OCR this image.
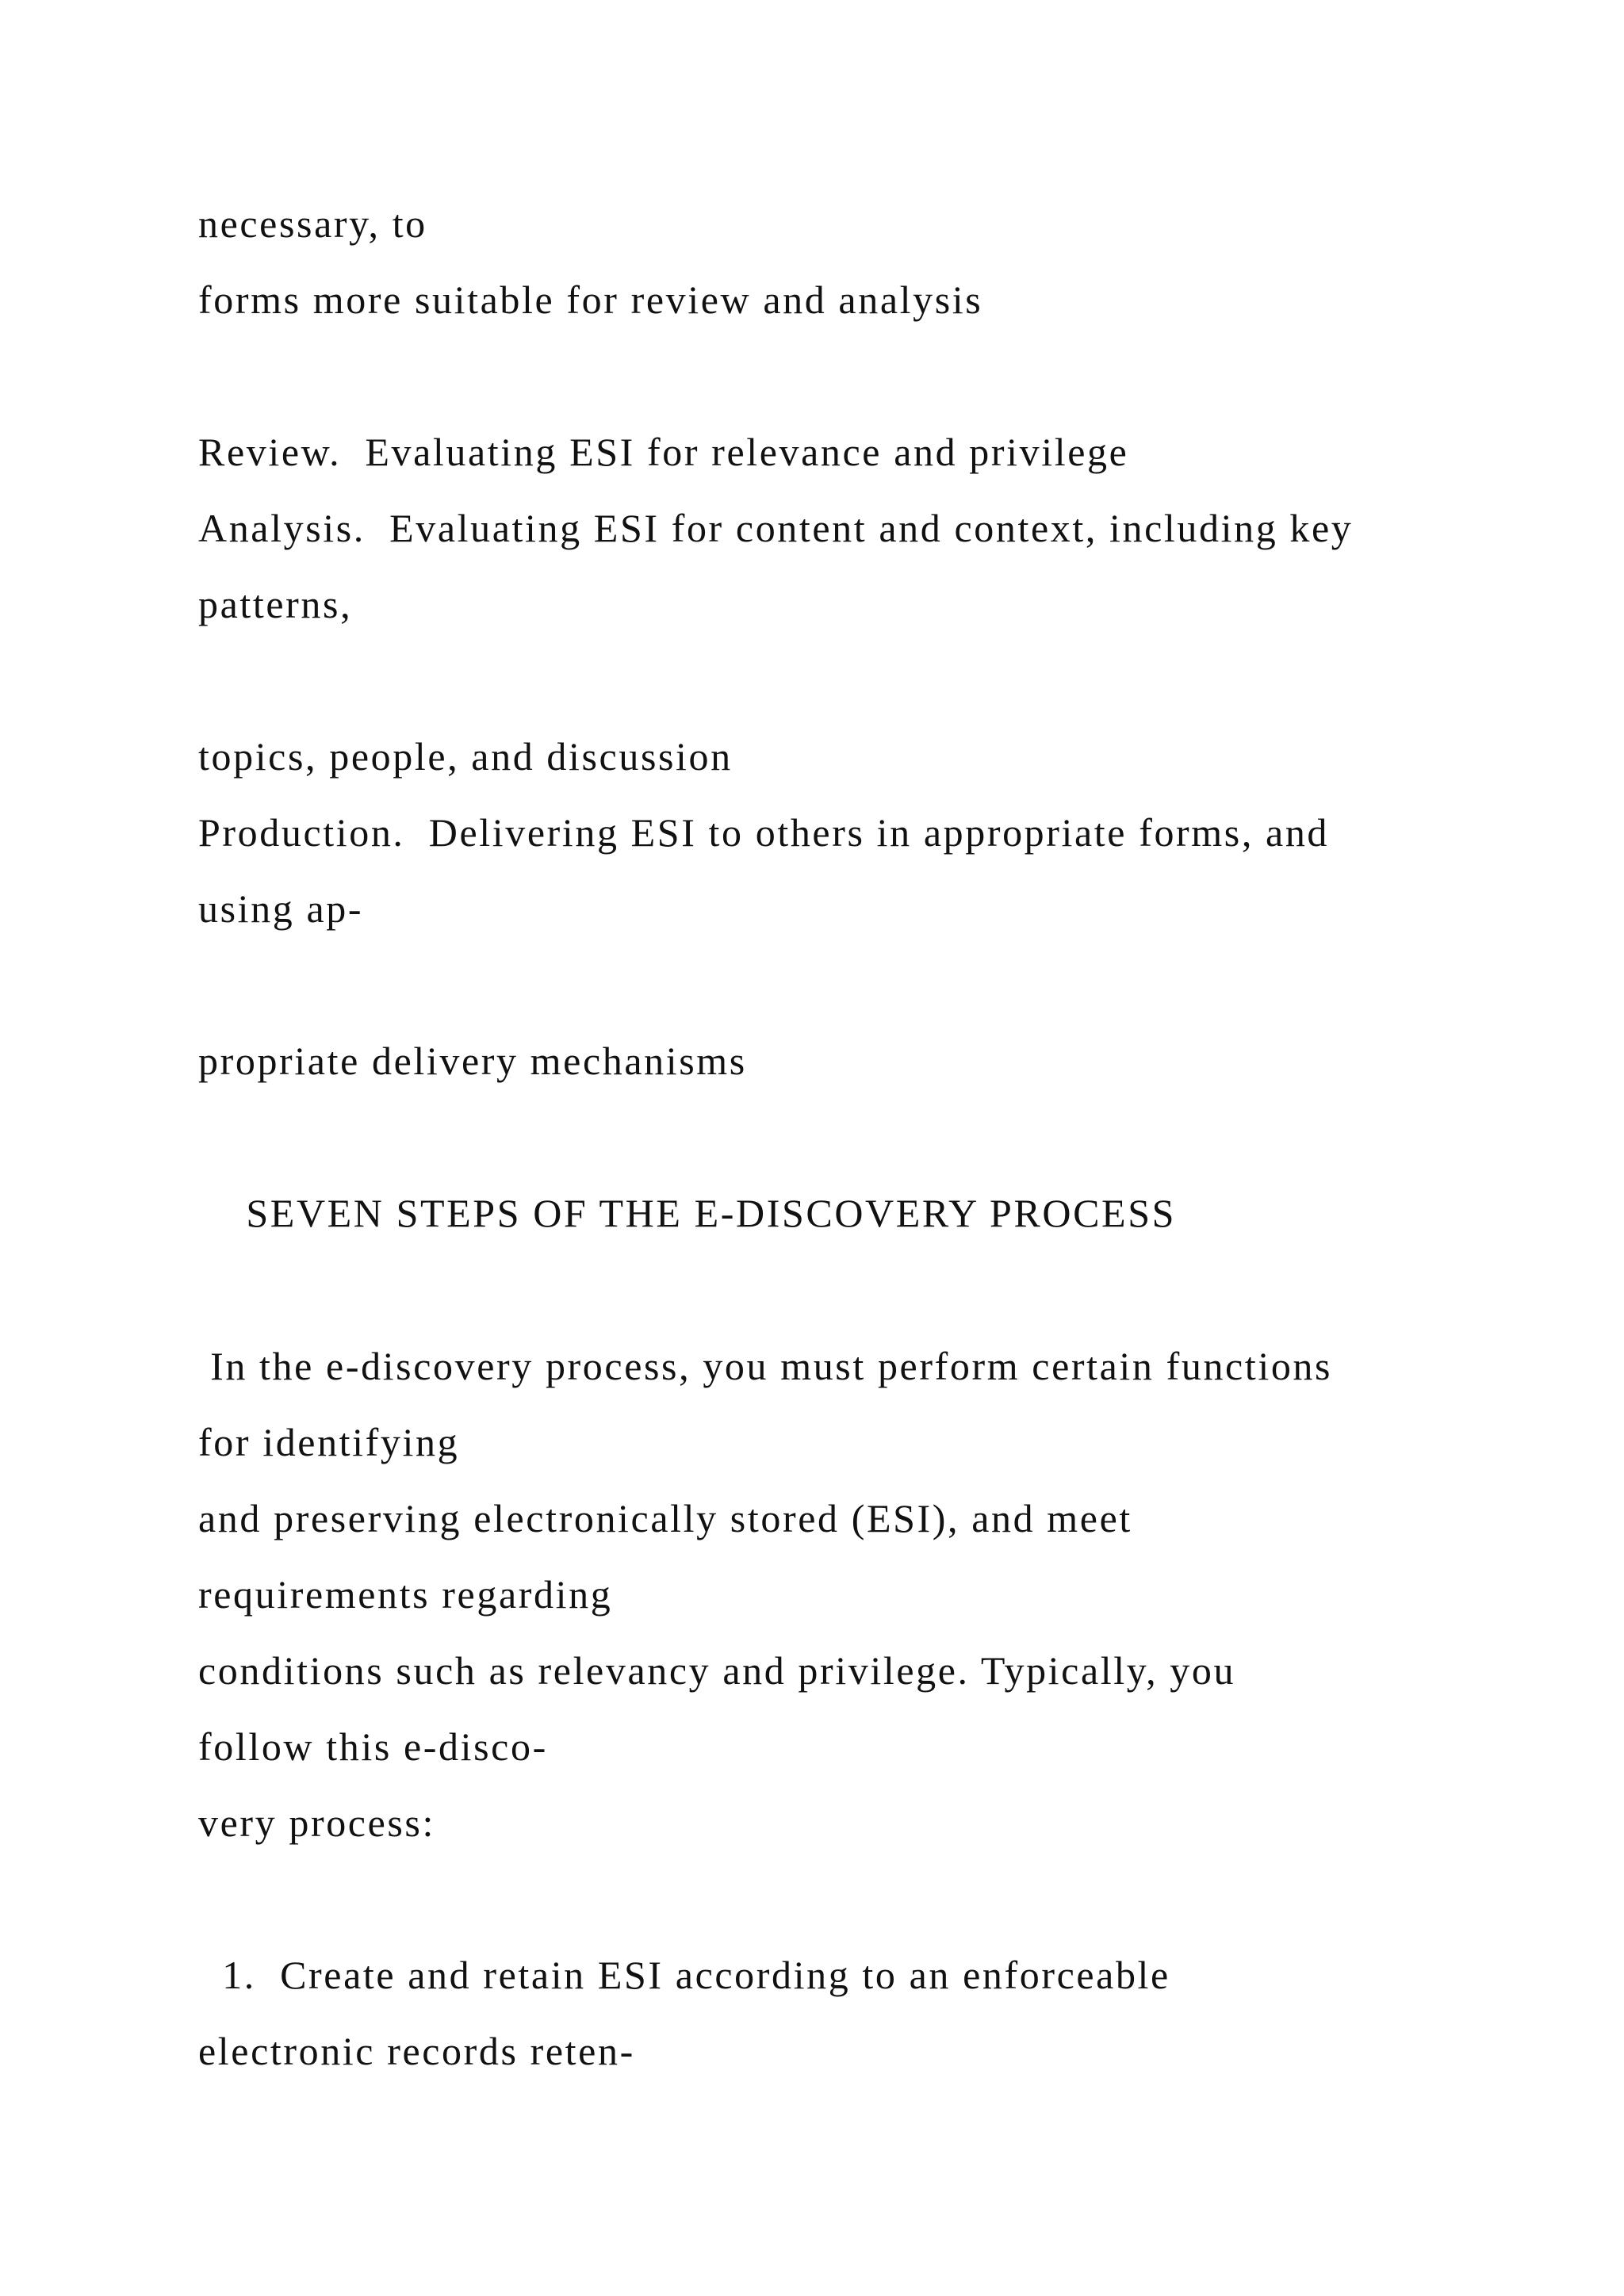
necessary, to
forms more suitable for review and analysis
Review.  Evaluating ESI for relevance and privilege
Analysis.  Evaluating ESI for content and context, including key
patterns,
topics, people, and discussion
Production.  Delivering ESI to others in appropriate forms, and
using ap-
propriate delivery mechanisms
SEVEN STEPS OF THE E-DISCOVERY PROCESS
In the e-discovery process, you must perform certain functions
for identifying
and preserving electronically stored (ESI), and meet
requirements regarding
conditions such as relevancy and privilege. Typically, you
follow this e-disco-
very process:
1.  Create and retain ESI according to an enforceable
electronic records reten-
